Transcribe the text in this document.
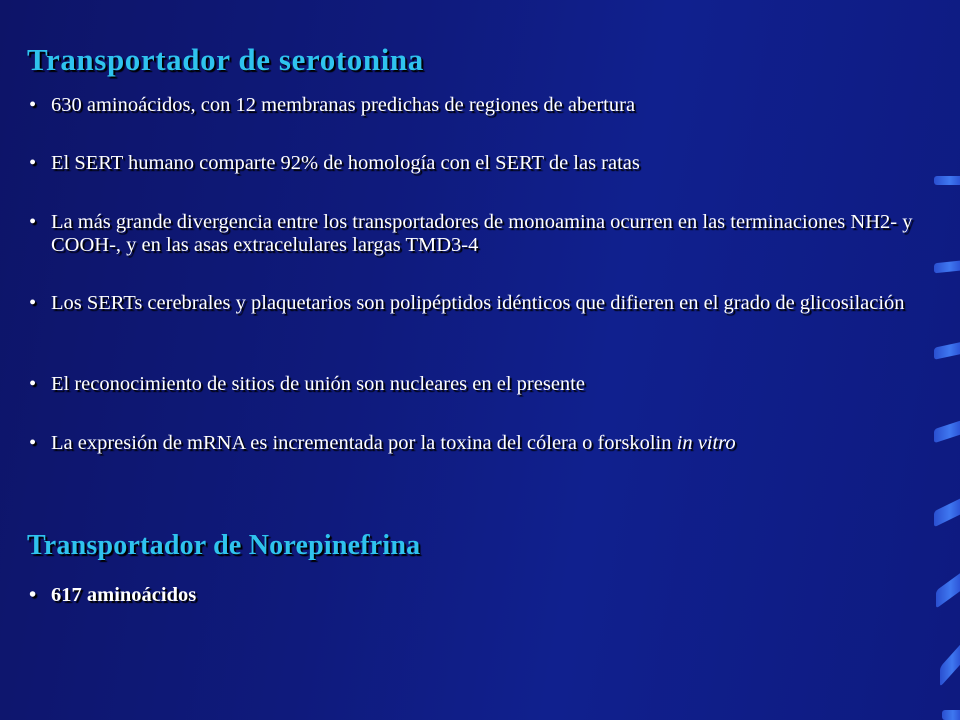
Transportador de serotonina
• 630 aminoácidos, con 12 membranas predichas de regiones de abertura
• El SERT humano comparte 92% de homología con el SERT de las ratas
• La más grande divergencia entre los transportadores de monoamina ocurren en las terminaciones NH2- y COOH-, y en las asas extracelulares largas TMD3-4
• Los SERTs cerebrales y plaquetarios son polipéptidos idénticos que difieren en el grado de glicosilación
• El reconocimiento de sitios de unión son nucleares en el presente
• La expresión de mRNA es incrementada por la toxina del cólera o forskolin in vitro
Transportador de Norepinefrina
• 617 aminoácidos
